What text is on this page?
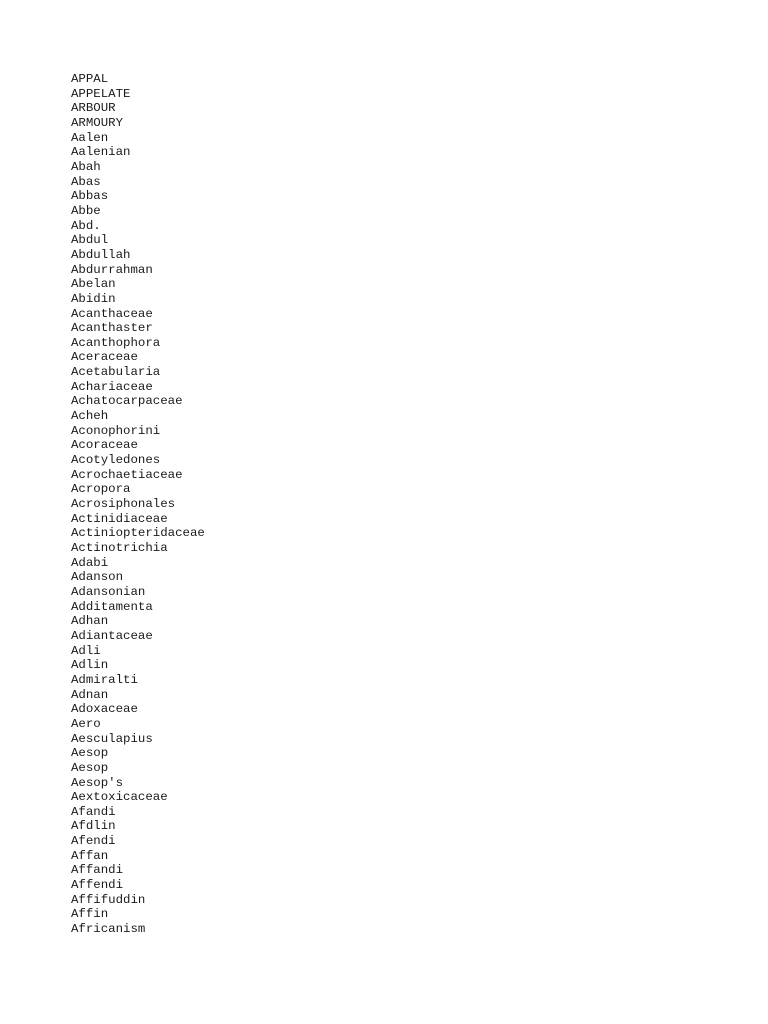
APPAL
APPELATE
ARBOUR
ARMOURY
Aalen
Aalenian
Abah
Abas
Abbas
Abbe
Abd.
Abdul
Abdullah
Abdurrahman
Abelan
Abidin
Acanthaceae
Acanthaster
Acanthophora
Aceraceae
Acetabularia
Achariaceae
Achatocarpaceae
Acheh
Aconophorini
Acoraceae
Acotyledones
Acrochaetiaceae
Acropora
Acrosiphonales
Actinidiaceae
Actiniopteridaceae
Actinotrichia
Adabi
Adanson
Adansonian
Additamenta
Adhan
Adiantaceae
Adli
Adlin
Admiralti
Adnan
Adoxaceae
Aero
Aesculapius
Aesop
Aesop
Aesop's
Aextoxicaceae
Afandi
Afdlin
Afendi
Affan
Affandi
Affendi
Affifuddin
Affin
Africanism
